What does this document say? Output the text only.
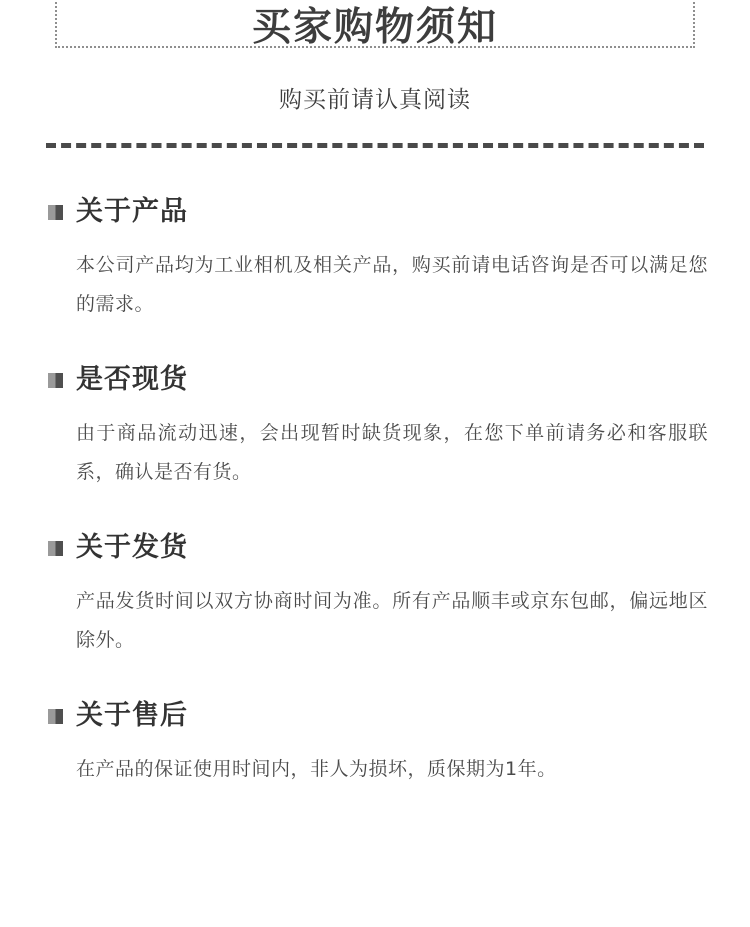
买家购物须知
购买前请认真阅读
关于产品
本公司产品均为工业相机及相关产品，购买前请电话咨询是否可以满足您的需求。
是否现货
由于商品流动迅速，会出现暂时缺货现象，在您下单前请务必和客服联系，确认是否有货。
关于发货
产品发货时间以双方协商时间为准。所有产品顺丰或京东包邮，偏远地区除外。
关于售后
在产品的保证使用时间内，非人为损坏，质保期为1年。
